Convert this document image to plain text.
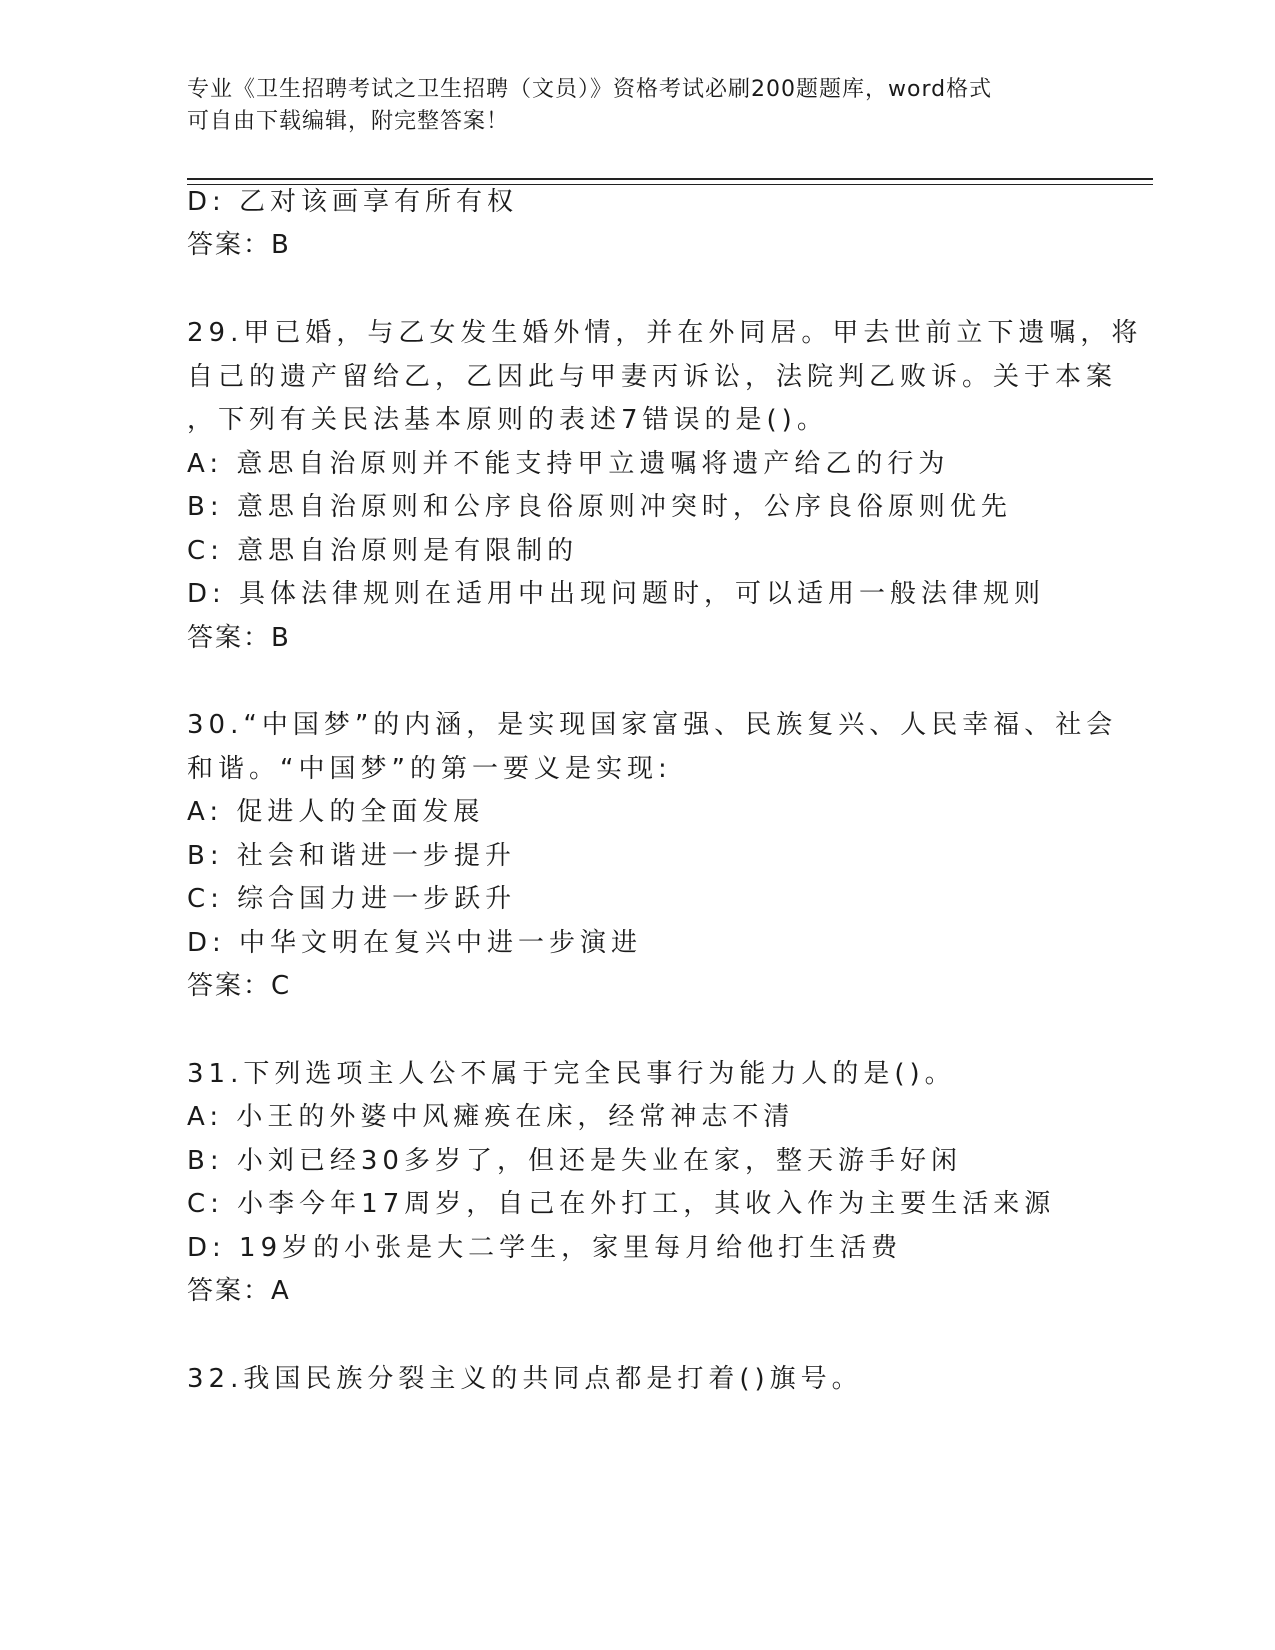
专业《卫生招聘考试之卫生招聘（文员）》资格考试必刷200题题库，word格式
可自由下载编辑，附完整答案！
D: 乙对该画享有所有权
答案：B
29.甲已婚，与乙女发生婚外情，并在外同居。甲去世前立下遗嘱，将
自己的遗产留给乙，乙因此与甲妻丙诉讼，法院判乙败诉。关于本案
，下列有关民法基本原则的表述7错误的是()。
A: 意思自治原则并不能支持甲立遗嘱将遗产给乙的行为
B: 意思自治原则和公序良俗原则冲突时，公序良俗原则优先
C: 意思自治原则是有限制的
D: 具体法律规则在适用中出现问题时，可以适用一般法律规则
答案：B
30.“中国梦”的内涵，是实现国家富强、民族复兴、人民幸福、社会
和谐。“中国梦”的第一要义是实现:
A: 促进人的全面发展
B: 社会和谐进一步提升
C: 综合国力进一步跃升
D: 中华文明在复兴中进一步演进
答案：C
31.下列选项主人公不属于完全民事行为能力人的是()。
A: 小王的外婆中风瘫痪在床，经常神志不清
B: 小刘已经30多岁了，但还是失业在家，整天游手好闲
C: 小李今年17周岁，自己在外打工，其收入作为主要生活来源
D: 19岁的小张是大二学生，家里每月给他打生活费
答案：A
32.我国民族分裂主义的共同点都是打着()旗号。
